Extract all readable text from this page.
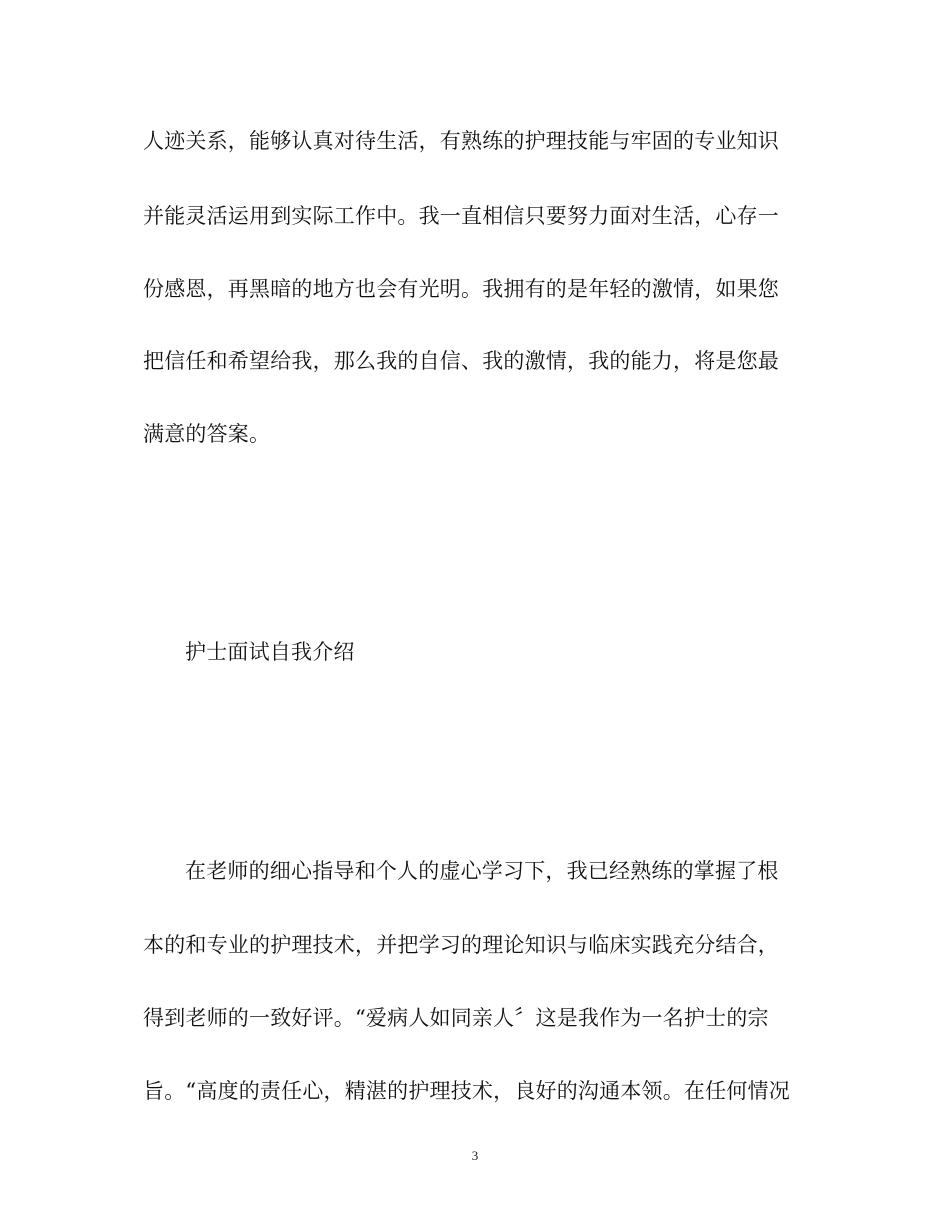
人迹关系，能够认真对待生活，有熟练的护理技能与牢固的专业知识
并能灵活运用到实际工作中。我一直相信只要努力面对生活，心存一
份感恩，再黑暗的地方也会有光明。我拥有的是年轻的激情，如果您
把信任和希望给我，那么我的自信、我的激情，我的能力，将是您最
满意的答案。
护士面试自我介绍
在老师的细心指导和个人的虚心学习下，我已经熟练的掌握了根
本的和专业的护理技术，并把学习的理论知识与临床实践充分结合，
得到老师的一致好评。“爱病人如同亲人〞这是我作为一名护士的宗
旨。“高度的责任心，精湛的护理技术，良好的沟通本领。在任何情况
3
